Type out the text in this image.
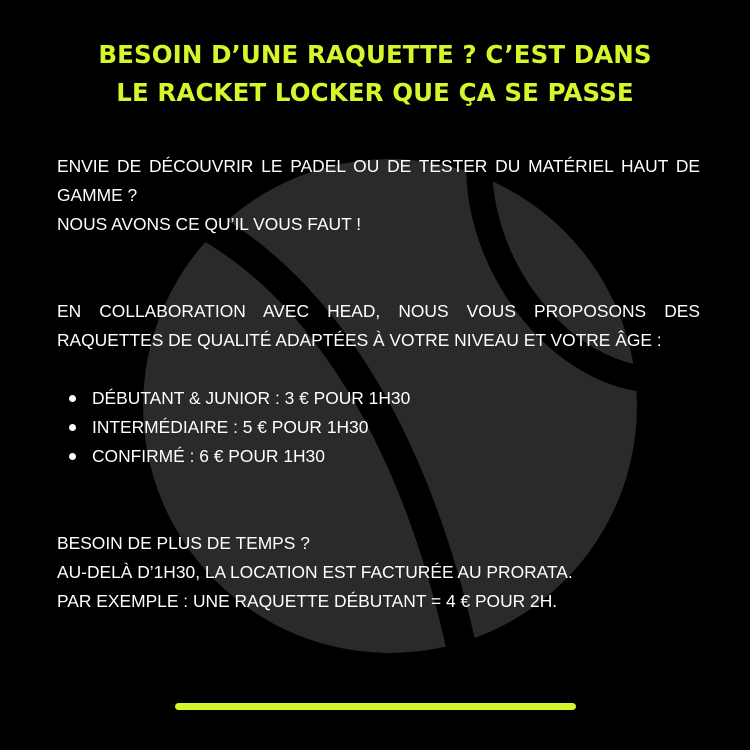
BESOIN D’UNE RAQUETTE ? C’EST DANS
LE RACKET LOCKER QUE ÇA SE PASSE

ENVIE DE DÉCOUVRIR LE PADEL OU DE TESTER DU MATÉRIEL HAUT DE GAMME ?

NOUS AVONS CE QU’IL VOUS FAUT !

EN COLLABORATION AVEC HEAD, NOUS VOUS PROPOSONS DES RAQUETTES DE QUALITÉ ADAPTÉES À VOTRE NIVEAU ET VOTRE ÂGE :

DÉBUTANT & JUNIOR : 3 € POUR 1H30
INTERMÉDIAIRE : 5 € POUR 1H30
CONFIRMÉ : 6 € POUR 1H30

BESOIN DE PLUS DE TEMPS ?

AU-DELÀ D’1H30, LA LOCATION EST FACTURÉE AU PRORATA.

PAR EXEMPLE : UNE RAQUETTE DÉBUTANT = 4 € POUR 2H.
